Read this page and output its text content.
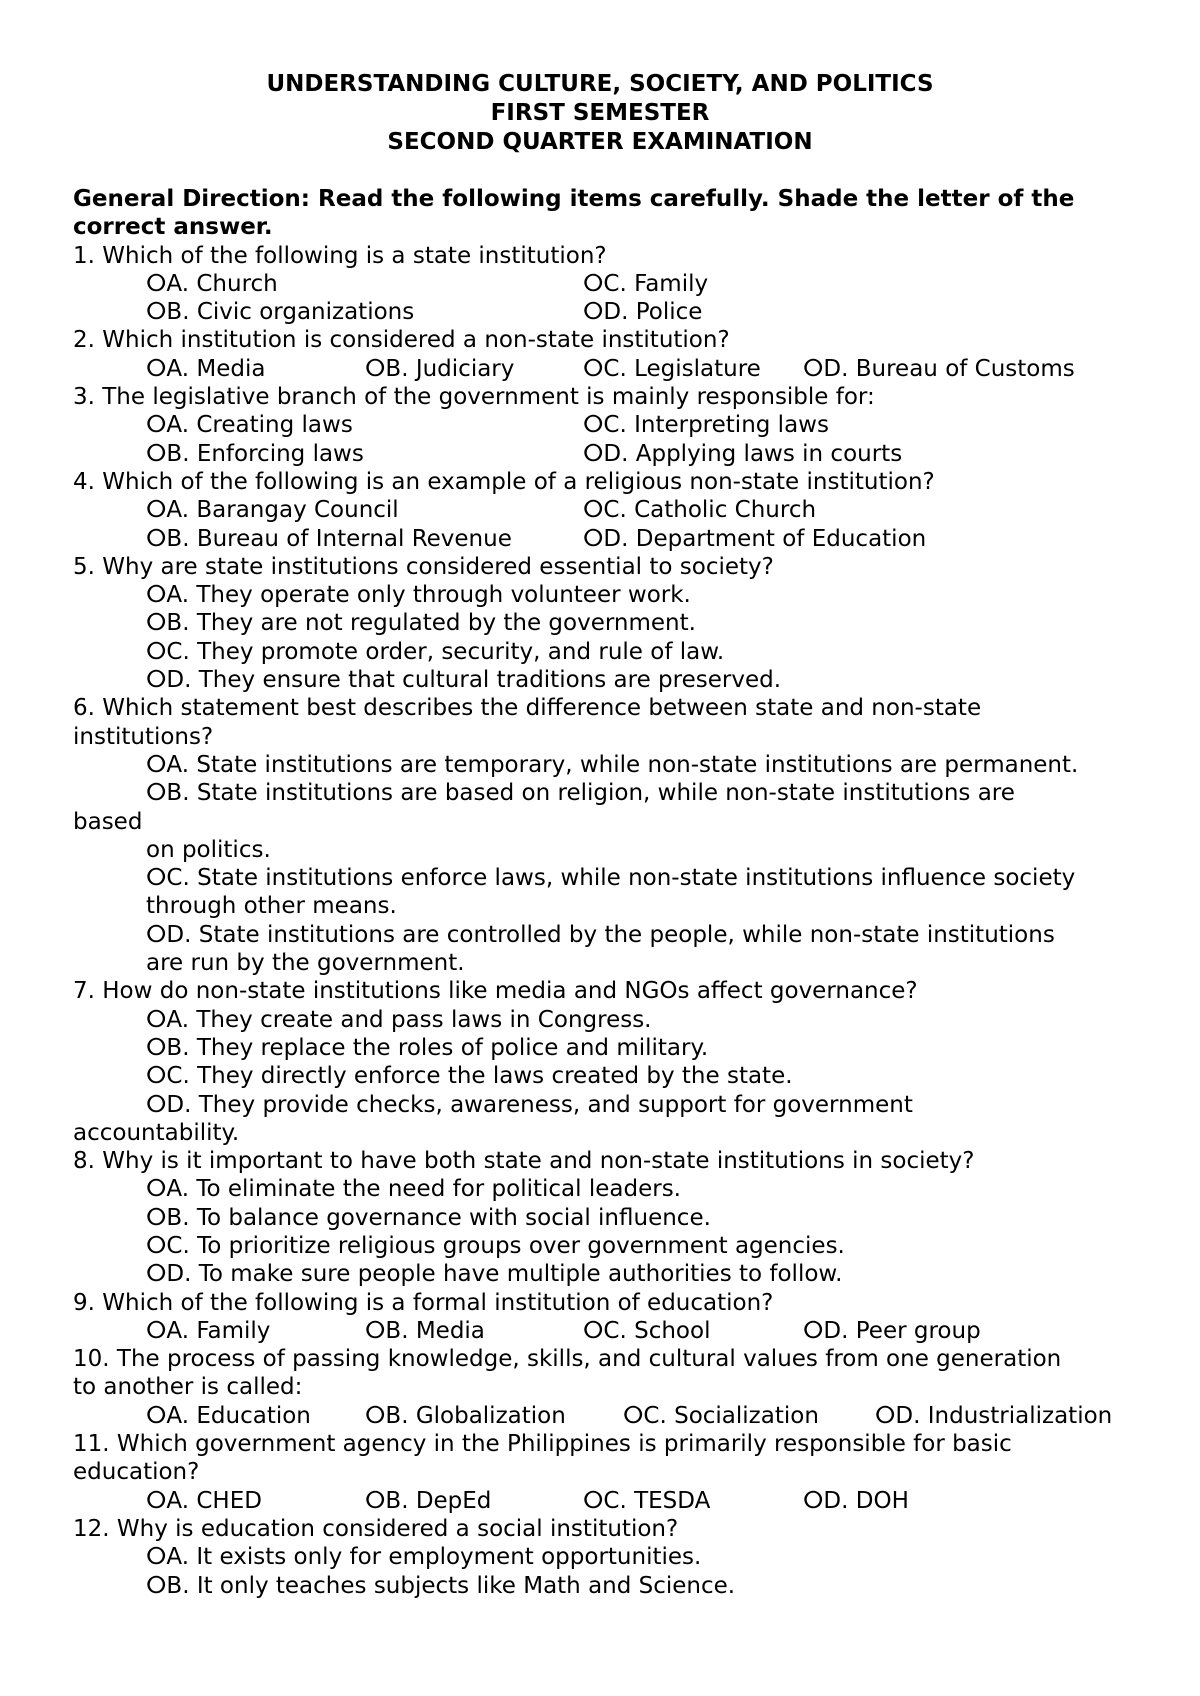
UNDERSTANDING CULTURE, SOCIETY, AND POLITICS
FIRST SEMESTER
SECOND QUARTER EXAMINATION
General Direction: Read the following items carefully. Shade the letter of the
correct answer.
1. Which of the following is a state institution?
ⵔA. Church	ⵔC. Family
ⵔB. Civic organizations	ⵔD. Police
2. Which institution is considered a non-state institution?
ⵔA. Media	ⵔB. Judiciary	ⵔC. Legislature ⵔD. Bureau of Customs
3. The legislative branch of the government is mainly responsible for:
ⵔA. Creating laws	ⵔC. Interpreting laws
ⵔB. Enforcing laws	ⵔD. Applying laws in courts
4. Which of the following is an example of a religious non-state institution?
ⵔA. Barangay Council	ⵔC. Catholic Church
ⵔB. Bureau of Internal Revenue	ⵔD. Department of Education
5. Why are state institutions considered essential to society?
ⵔA. They operate only through volunteer work.
ⵔB. They are not regulated by the government.
ⵔC. They promote order, security, and rule of law.
ⵔD. They ensure that cultural traditions are preserved.
6. Which statement best describes the difference between state and non-state
institutions?
ⵔA. State institutions are temporary, while non-state institutions are permanent.
ⵔB. State institutions are based on religion, while non-state institutions are
based
on politics.
ⵔC. State institutions enforce laws, while non-state institutions influence society
through other means.
ⵔD. State institutions are controlled by the people, while non-state institutions
are run by the government.
7. How do non-state institutions like media and NGOs affect governance?
ⵔA. They create and pass laws in Congress.
ⵔB. They replace the roles of police and military.
ⵔC. They directly enforce the laws created by the state.
ⵔD. They provide checks, awareness, and support for government
accountability.
8. Why is it important to have both state and non-state institutions in society?
ⵔA. To eliminate the need for political leaders.
ⵔB. To balance governance with social influence.
ⵔC. To prioritize religious groups over government agencies.
ⵔD. To make sure people have multiple authorities to follow.
9. Which of the following is a formal institution of education?
ⵔA. Family	ⵔB. Media	ⵔC. School	ⵔD. Peer group
10. The process of passing knowledge, skills, and cultural values from one generation
to another is called:
ⵔA. Education ⵔB. Globalization ⵔC. Socialization ⵔD. Industrialization
11. Which government agency in the Philippines is primarily responsible for basic
education?
ⵔA. CHED	ⵔB. DepEd	ⵔC. TESDA	ⵔD. DOH
12. Why is education considered a social institution?
ⵔA. It exists only for employment opportunities.
ⵔB. It only teaches subjects like Math and Science.
